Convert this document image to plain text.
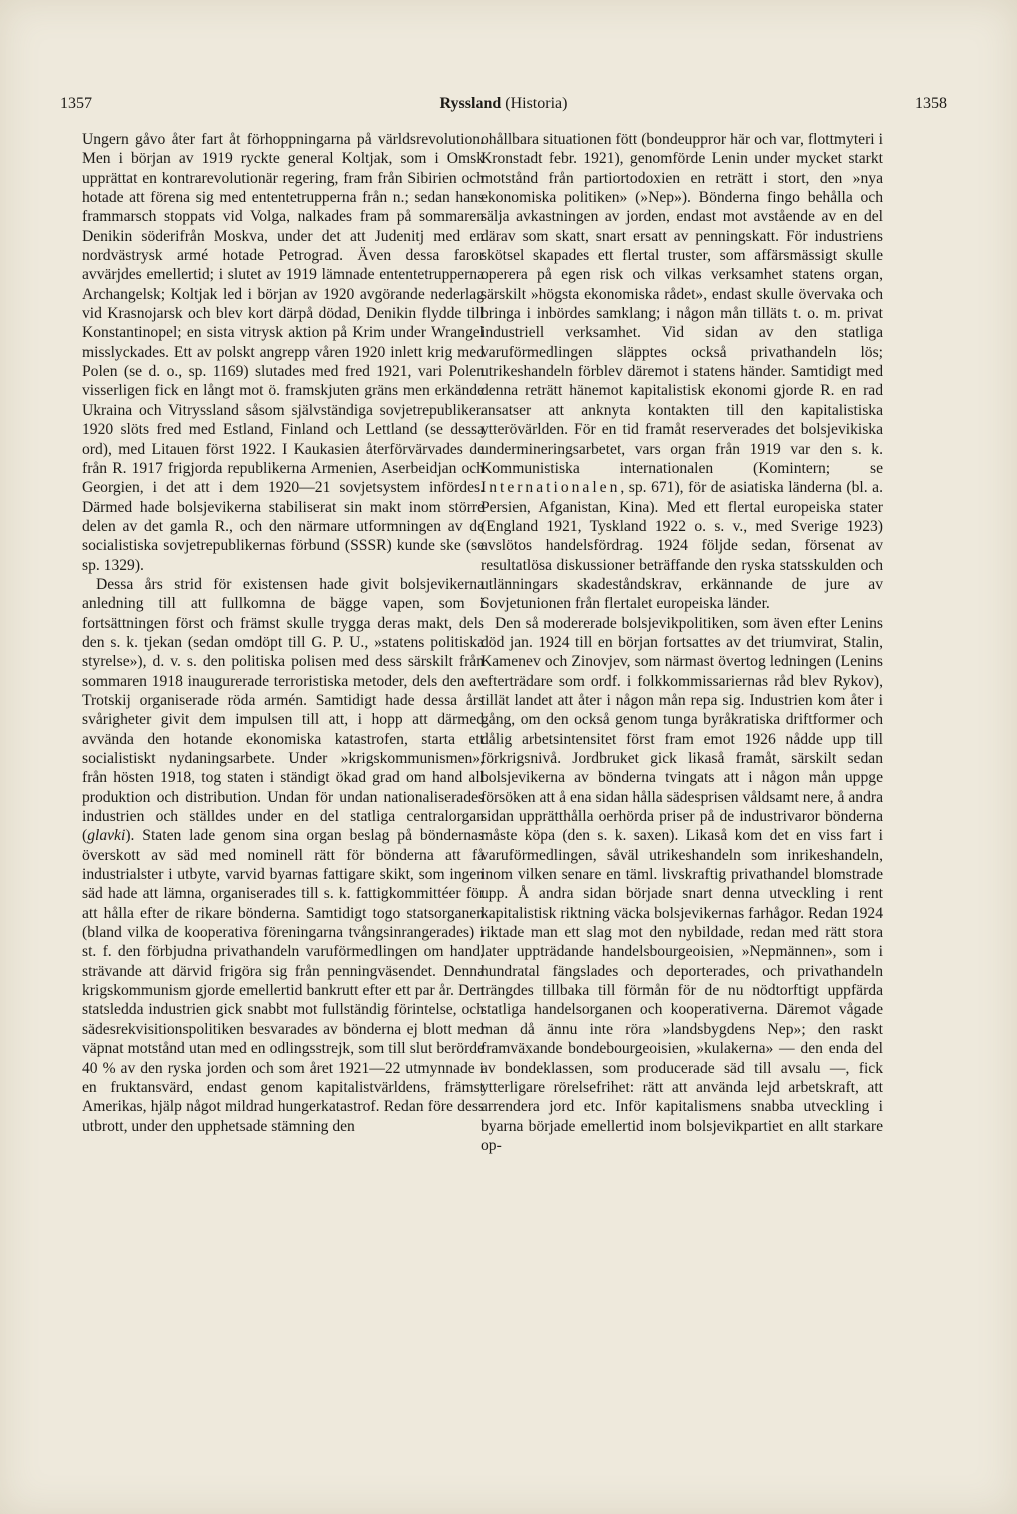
1357	Ryssland (Historia)	1358

Ungern gåvo åter fart åt förhoppningarna på världsrevolution. Men i början av 1919 ryckte general Koltjak, som i Omsk upprättat en kontrarevolutionär regering, fram från Sibirien och hotade att förena sig med ententetrupperna från n.; sedan hans frammarsch stoppats vid Volga, nalkades fram på sommaren Denikin söderifrån Moskva, under det att Judenitj med en nordvästrysk armé hotade Petrograd. Även dessa faror avvärjdes emellertid; i slutet av 1919 lämnade ententetrupperna Archangelsk; Koltjak led i början av 1920 avgörande nederlag vid Krasnojarsk och blev kort därpå dödad, Denikin flydde till Konstantinopel; en sista vitrysk aktion på Krim under Wrangel misslyckades. Ett av polskt angrepp våren 1920 inlett krig med Polen (se d. o., sp. 1169) slutades med fred 1921, vari Polen visserligen fick en långt mot ö. framskjuten gräns men erkände Ukraina och Vitryssland såsom självständiga sovjetrepubliker. 1920 slöts fred med Estland, Finland och Lettland (se dessa ord), med Litauen först 1922. I Kaukasien återförvärvades de från R. 1917 frigjorda republikerna Armenien, Aserbeidjan och Georgien, i det att i dem 1920—21 sovjetsystem infördes. Därmed hade bolsjevikerna stabiliserat sin makt inom större delen av det gamla R., och den närmare utformningen av de socialistiska sovjetrepublikernas förbund (SSSR) kunde ske (se sp. 1329).

Dessa års strid för existensen hade givit bolsjevikerna anledning till att fullkomna de bägge vapen, som i fortsättningen först och främst skulle trygga deras makt, dels den s. k. tjekan (sedan omdöpt till G. P. U., »statens politiska styrelse»), d. v. s. den politiska polisen med dess särskilt från sommaren 1918 inaugurerade terroristiska metoder, dels den av Trotskij organiserade röda armén. Samtidigt hade dessa års svårigheter givit dem impulsen till att, i hopp att därmed avvända den hotande ekonomiska katastrofen, starta ett socialistiskt nydaningsarbete. Under »krigskommunismen», från hösten 1918, tog staten i ständigt ökad grad om hand all produktion och distribution. Undan för undan nationaliserades industrien och ställdes under en del statliga centralorgan (glavki). Staten lade genom sina organ beslag på böndernas överskott av säd med nominell rätt för bönderna att få industrialster i utbyte, varvid byarnas fattigare skikt, som ingen säd hade att lämna, organiserades till s. k. fattigkommittéer för att hålla efter de rikare bönderna. Samtidigt togo statsorganen (bland vilka de kooperativa föreningarna tvångsinrangerades) i st. f. den förbjudna privathandeln varuförmedlingen om hand, strävande att därvid frigöra sig från penningväsendet. Denna krigskommunism gjorde emellertid bankrutt efter ett par år. Den statsledda industrien gick snabbt mot fullständig förintelse, och sädesrekvisitionspolitiken besvarades av bönderna ej blott med väpnat motstånd utan med en odlingsstrejk, som till slut berörde 40 % av den ryska jorden och som året 1921—22 utmynnade i en fruktansvärd, endast genom kapitalistvärldens, främst Amerikas, hjälp något mildrad hungerkatastrof. Redan före dess utbrott, under den upphetsade stämning den

ohållbara situationen fött (bondeuppror här och var, flottmyteri i Kronstadt febr. 1921), genomförde Lenin under mycket starkt motstånd från partiortodoxien en reträtt i stort, den »nya ekonomiska politiken» (»Nep»). Bönderna fingo behålla och sälja avkastningen av jorden, endast mot avstående av en del därav som skatt, snart ersatt av penningskatt. För industriens skötsel skapades ett flertal truster, som affärsmässigt skulle operera på egen risk och vilkas verksamhet statens organ, särskilt »högsta ekonomiska rådet», endast skulle övervaka och bringa i inbördes samklang; i någon mån tilläts t. o. m. privat industriell verksamhet. Vid sidan av den statliga varuförmedlingen släpptes också privathandeln lös; utrikeshandeln förblev däremot i statens händer. Samtidigt med denna reträtt hänemot kapitalistisk ekonomi gjorde R. en rad ansatser att anknyta kontakten till den kapitalistiska ytterövärlden. För en tid framåt reserverades det bolsjevikiska undermineringsarbetet, vars organ från 1919 var den s. k. Kommunistiska internationalen (Komintern; se Internationalen, sp. 671), för de asiatiska länderna (bl. a. Persien, Afganistan, Kina). Med ett flertal europeiska stater (England 1921, Tyskland 1922 o. s. v., med Sverige 1923) avslötos handelsfördrag. 1924 följde sedan, försenat av resultatlösa diskussioner beträffande den ryska statsskulden och utlänningars skadeståndskrav, erkännande de jure av Sovjetunionen från flertalet europeiska länder.

Den så modererade bolsjevikpolitiken, som även efter Lenins död jan. 1924 till en början fortsattes av det triumvirat, Stalin, Kamenev och Zinovjev, som närmast övertog ledningen (Lenins efterträdare som ordf. i folkkommissariernas råd blev Rykov), tillät landet att åter i någon mån repa sig. Industrien kom åter i gång, om den också genom tunga byråkratiska driftformer och dålig arbetsintensitet först fram emot 1926 nådde upp till förkrigsnivå. Jordbruket gick likaså framåt, särskilt sedan bolsjevikerna av bönderna tvingats att i någon mån uppge försöken att å ena sidan hålla sädesprisen våldsamt nere, å andra sidan upprätthålla oerhörda priser på de industrivaror bönderna måste köpa (den s. k. saxen). Likaså kom det en viss fart i varuförmedlingen, såväl utrikeshandeln som inrikeshandeln, inom vilken senare en täml. livskraftig privathandel blomstrade upp. Å andra sidan började snart denna utveckling i rent kapitalistisk riktning väcka bolsjevikernas farhågor. Redan 1924 riktade man ett slag mot den nybildade, redan med rätt stora later uppträdande handelsbourgeoisien, »Nepmännen», som i hundratal fängslades och deporterades, och privathandeln trängdes tillbaka till förmån för de nu nödtorftigt uppfärda statliga handelsorganen och kooperativerna. Däremot vågade man då ännu inte röra »landsbygdens Nep»; den raskt framväxande bondebourgeoisien, »kulakerna» — den enda del av bondeklassen, som producerade säd till avsalu —, fick ytterligare rörelsefrihet: rätt att använda lejd arbetskraft, att arrendera jord etc. Inför kapitalismens snabba utveckling i byarna började emellertid inom bolsjevikpartiet en allt starkare op-
